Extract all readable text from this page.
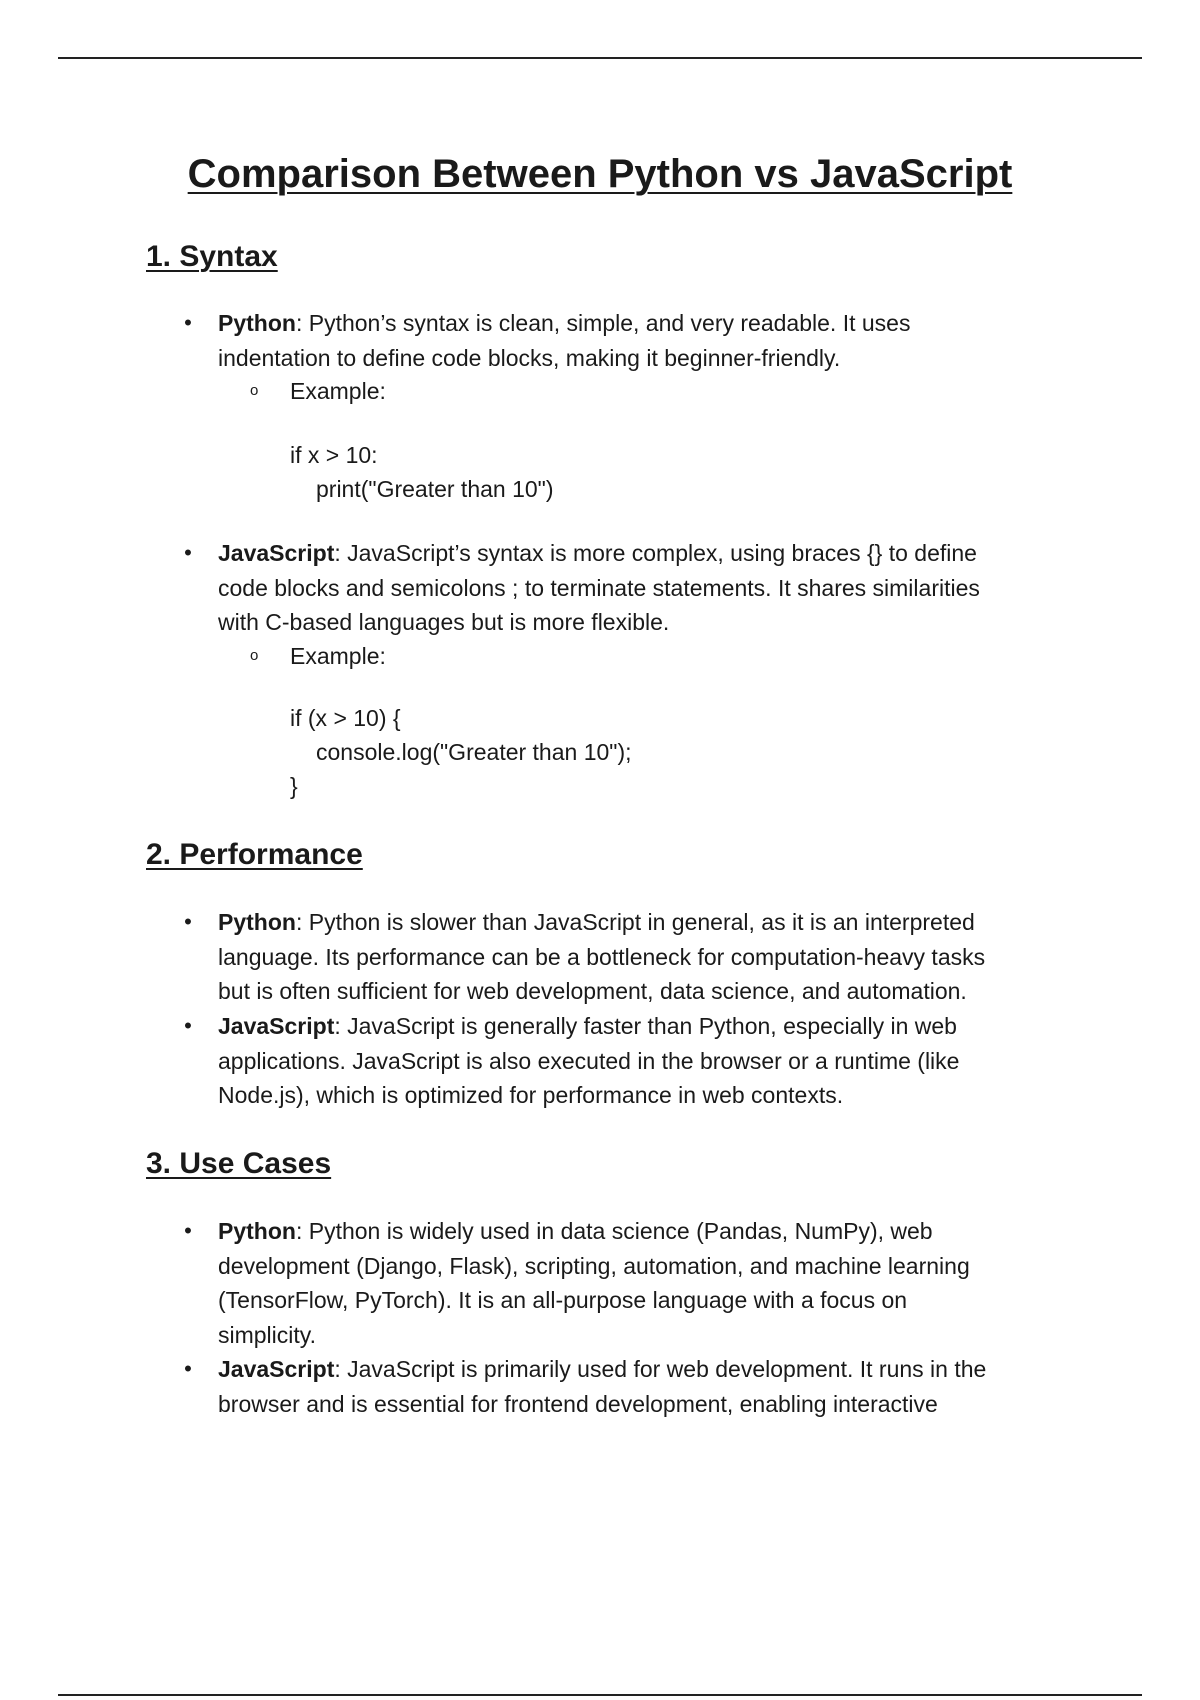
Comparison Between Python vs JavaScript
1. Syntax
• Python: Python’s syntax is clean, simple, and very readable. It uses
indentation to define code blocks, making it beginner-friendly.
o Example:
if x > 10:
print("Greater than 10")
• JavaScript: JavaScript’s syntax is more complex, using braces {} to define
code blocks and semicolons ; to terminate statements. It shares similarities
with C-based languages but is more flexible.
o Example:
if (x > 10) {
console.log("Greater than 10");
}
2. Performance
• Python: Python is slower than JavaScript in general, as it is an interpreted
language. Its performance can be a bottleneck for computation-heavy tasks
but is often sufficient for web development, data science, and automation.
• JavaScript: JavaScript is generally faster than Python, especially in web
applications. JavaScript is also executed in the browser or a runtime (like
Node.js), which is optimized for performance in web contexts.
3. Use Cases
• Python: Python is widely used in data science (Pandas, NumPy), web
development (Django, Flask), scripting, automation, and machine learning
(TensorFlow, PyTorch). It is an all-purpose language with a focus on
simplicity.
• JavaScript: JavaScript is primarily used for web development. It runs in the
browser and is essential for frontend development, enabling interactive
